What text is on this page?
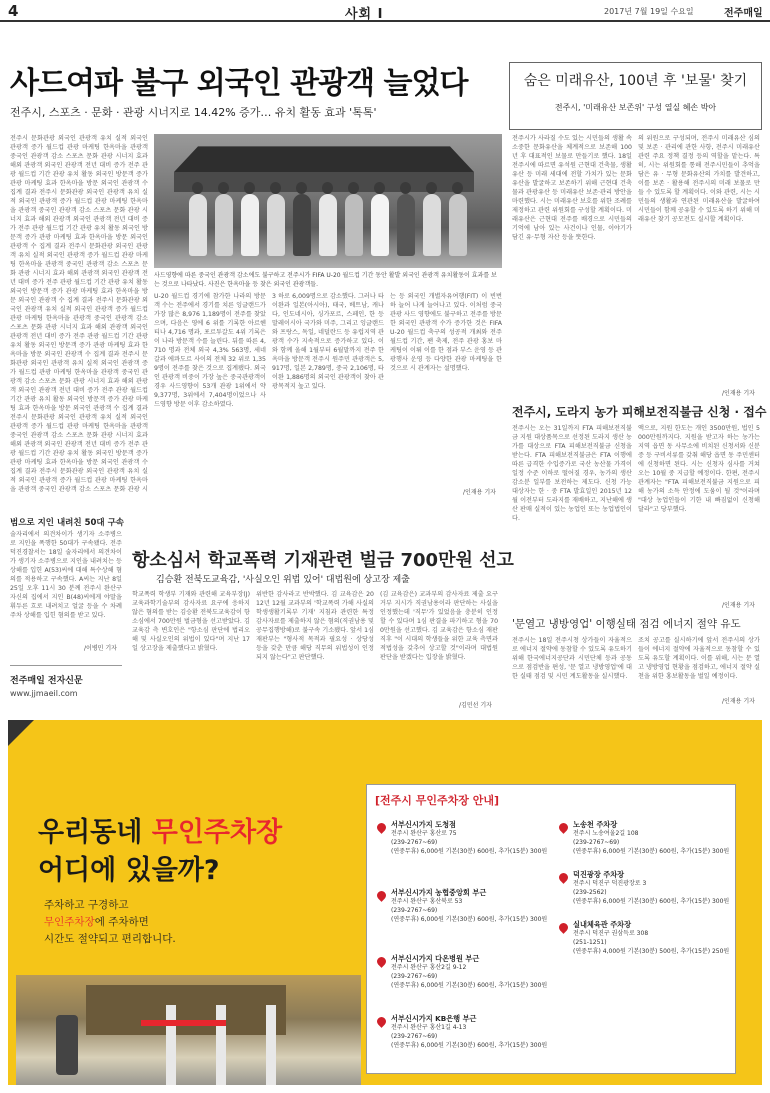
4	사회 I	2017년 7월 19일 수요일	전주매일
사드여파 불구 외국인 관광객 늘었다
전주시, 스포츠 · 문화 · 관광 시너지로 14.42% 증가… 유치 활동 효과 '톡톡'
전주시 문화관광 외국인 관광객 유치 실적 외국인 관광객 증가 월드컵 관광 마케팅 한옥마을 관광객 중국인 관광객 감소 스포츠 문화 관광 시너지 효과 해외 관광객 외국인 관광객 전년 대비 증가 전주 관광 월드컵 기간 관광 유치 활동 외국인 방문객 증가 관광 마케팅 효과 한옥마을 방문 외국인 관광객 수 집계 결과 전주시 문화관광 외국인 관광객 유치 실적 외국인 관광객 증가 월드컵 관광 마케팅 한옥마을 관광객 중국인 관광객 감소 스포츠 문화 관광 시너지 효과 해외 관광객 외국인 관광객 전년 대비 증가 전주 관광 월드컵 기간 관광 유치 활동 외국인 방문객 증가 관광 마케팅 효과 한옥마을 방문 외국인 관광객 수 집계 결과 전주시 문화관광 외국인 관광객 유치 실적 외국인 관광객 증가 월드컵 관광 마케팅 한옥마을 관광객 중국인 관광객 감소 스포츠 문화 관광 시너지 효과 해외 관광객 외국인 관광객 전년 대비 증가 전주 관광 월드컵 기간 관광 유치 활동 외국인 방문객 증가 관광 마케팅 효과 한옥마을 방문 외국인 관광객 수 집계 결과 전주시 문화관광 외국인 관광객 유치 실적 외국인 관광객 증가 월드컵 관광 마케팅 한옥마을 관광객 중국인 관광객 감소 스포츠 문화 관광 시너지 효과 해외 관광객 외국인 관광객 전년 대비 증가 전주 관광 월드컵 기간 관광 유치 활동 외국인 방문객 증가 관광 마케팅 효과 한옥마을 방문 외국인 관광객 수 집계 결과 전주시 문화관광 외국인 관광객 유치 실적 외국인 관광객 증가 월드컵 관광 마케팅 한옥마을 관광객 중국인 관광객 감소 스포츠 문화 관광 시너지 효과 해외 관광객 외국인 관광객 전년 대비 증가 전주 관광 월드컵 기간 관광 유치 활동 외국인 방문객 증가 관광 마케팅 효과 한옥마을 방문 외국인 관광객 수 집계 결과 전주시 문화관광 외국인 관광객 유치 실적 외국인 관광객 증가 월드컵 관광 마케팅 한옥마을 관광객 중국인 관광객 감소 스포츠 문화 관광 시너지 효과 해외 관광객 외국인 관광객 전년 대비 증가 전주 관광 월드컵 기간 관광 유치 활동 외국인 방문객 증가 관광 마케팅 효과 한옥마을 방문 외국인 관광객 수 집계 결과 전주시 문화관광 외국인 관광객 유치 실적 외국인 관광객 증가 월드컵 관광 마케팅 한옥마을 관광객 중국인 관광객 감소 스포츠 문화 관광 시
사드영향에 따른 중국인 관광객 감소에도 불구하고 전주시가 FIFA U-20 월드컵 기간 동안 활발 외국인 관광객 유치활동이 효과를 보는 것으로 나타났다. 사진은 한옥마을 등 찾은 외국인 관광객들.
U-20 월드컵 경기에 참가한 나라의 방문객 수는 전주에서 경기를 치른 잉글랜드가 가장 많은 8,976 1,189명이 전주를 찾았으며, 다음은 영에 6 위를 기록한 아르헨티나 4,716 명과, 포르투갈도 4위 기록은 이 나라 방문객 수를 늘린다. 뒤를 따른 4,710 명과 전체 외국 4,3% 563명, 세네갈과 에콰도르 사이의 전체 32 위로 1,359명이 전주를 찾은 것으로 집계됐다. 외국인 관광객 비중이 가장 높은 중국관광객이 경우 사드영향이 53개 관광 1위에서 약 9,377명, 3위에서 7,404명이었으나 사드영향 방문 이후 감소하였다.
3 하로 6,009명으로 감소했다. 그러나 타이완과 일본(아시아), 태국, 베트남, 캐나다, 인도네시아, 싱가포르, 스페인, 한 등 말레이시아 국가와 미주, 그리고 잉글랜드와 프랑스, 독일, 네덜란드 등 유럽지역 관광객 수가 지속적으로 증가하고 있다. 이와 함께 올해 1월부터 6월말까지 전주 한옥마을 방문객 전주시 원주민 관광객은 5,917명, 일본 2,789명, 중국 2,106명, 타이완 1,886명의 외국인 관광객이 찾아 관광목적지 높고 있다.
는 등 외국인 개별자유여행(FIT) 이 빈번하 늘어 나게 늘어나고 있다. 이처럼 중국관광 사드 영향에도 불구하고 전주를 방문한 외국인 관광객 수가 증가한 것은 FIFA U-20 월드컵 축구의 성공적 개최와 전주 월드컵 기간, 팬 축제, 전주 관광 홍보 마케팅이 이뤄 이를 한 점과 부스 운영 등 관광행사 운영 등 다양한 관광 마케팅을 한 것으로 시 관계자는 설명했다.
/인재용 기자
범으로 지인 내려친 50대 구속
술자리에서 의견차이가 생기자 소주병으로 지인을 폭행한 50대가 구속됐다. 전주 덕진경찰서는 18일 술자리에서 의견차이가 생기자 소주병으로 지인을 내려치는 등 상해를 입힌 A(53)씨에 대해 특수상해 혐의를 적용하고 구속했다. A씨는 지난 8일 25일 오후 11시 30 분께 전주시 완산구 자신의 집에서 지인 B(48)씨에게 야말을 휘두른 흐로 내려치고 얼굴 등을 수 차례 주차 상해를 입힌 혐의를 받고 있다.
/이병민 기자
전주매일 전자신문
www.jjmaeil.com
항소심서 학교폭력 기재관련 벌금 700만원 선고
김승환 전북도교육감, '사실오인 위법 있어' 대법원에 상고장 제출
학교폭력 학생부 기재와 관련해 교육부장(J) 교육과학기술부의 감사자료 요구에 응하지 않은 혐의를 받는 김승환 전북도교육감이 항소심에서 700만원 벌금형을 선고받았다. 김 교육감 측 변호인은 "항소심 판단에 법리오해 및 사실오인의 위법이 있다"며 지난 17일 상고장을 제출했다고 밝혔다.
위반한 감사라고 반박했다. 김 교육감은 2012년 12월 교과부의 '학교폭력 가해 사실의 학생생활기록부 기재' 지침과 관련한 특정 감사자료를 제출하지 않은 혐의(직권남용 및 공무집행방해)로 불구속 기소됐다. 앞서 1심 재판부는 "형사적 목적과 필요성 · 상당성 등을 갖춘 만큼 해당 직무의 위법성이 인정되지 않는다"고 판단했다.
(김 교육감은) 교과부의 감사자료 제출 요구 거부 지시가 직권남용이라 판단하는 사실을 인정했는데 '직무'가 있었음을 충분히 인정할 수 있다며 1심 판결을 파기하고 형을 700만원을 선고했다. 김 교육감은 항소심 재판 직후 "이 시대의 학생들을 위한 교육 측면과 적법성을 갖추어 상고할 것"이라며 대법원 판단을 받겠다는 입장을 밝혔다.
/김민선 기자
숨은 미래유산, 100년 후 '보물' 찾기
전주시, '미래유산 보존위' 구성 열실 혜손 박아
전주시가 사라질 수도 있는 시민들의 생활 속 소중한 문화유산을 체계적으로 보존해 100년 후 대표적인 보물로 만들기로 했다. 18일 전주시에 따르면 유석원 근현대 건축물, 생활유산 등 미래 세대에 전할 가치가 있는 문화유산을 발굴하고 보존하기 위해 근현대 건축물과 관광유산 등 미래유산 보존·관리 방안을 마련했다. 시는 미래유산 보호를 위한 조례를 제정하고 관련 위원회를 구성할 계획이다. 미래유산은 근현대 전주를 배경으로 시민들의 기억에 남아 있는 사건이나 인물, 이야기가 담긴 유·무형 자산 등을 뜻한다.
의 위원으로 구성되며, 전주시 미래유산 심의 및 보존 · 관리에 관한 사항, 전주시 미래유산 관련 주요 정책 결정 등의 역할을 맡는다. 특히, 시는 위원회를 통해 전주시민들이 추억을 담은 유 · 무형 문화유산의 가치를 발견하고, 이를 보존 · 활용해 전주시의 미래 보물로 만들 수 있도록 할 계획이다. 이와 관련, 시는 시민들의 생활과 연관된 미래유산을 발굴하여 시민들이 함께 공유할 수 있도록 하기 위해 미래유산 찾기 공모전도 실시할 계획이다.
/인재용 기자
전주시, 도라지 농가 피해보전직불금 신청 · 접수
전주시는 오는 31일까지 FTA 피해보전직불금 지원 대상품목으로 선정된 도라지 생산 농가를 대상으로 FTA 피해보전직불금 신청을 받는다. FTA 피해보전직불금은 FTA 이행에 따른 급격한 수입증가로 국산 농산물 가격이 일정 수준 이하로 떨어질 경우, 농가의 생산 감소분 일부를 보전하는 제도다. 신청 가능 대상자는 한 · 중 FTA 발효일인 2015년 12월 이전부터 도라지를 재배하고, 지난해에 생산 판매 실적이 있는 농업인 또는 농업법인이다.
액으로, 지원 한도는 개인 3500만원, 법인 5000만원까지다. 지원을 받고자 하는 농가는 지역 읍면 동 사무소에 비치된 신청서와 신분증 등 구비서류를 갖춰 해당 읍면 동 주민센터에 신청하면 된다. 시는 신청자 심사를 거쳐 오는 10월 중 지급할 예정이다. 한편, 전주시 관계자는 "FTA 피해보전직불금 지원으로 피해 농가의 소득 안정에 도움이 될 것"이라며 "대상 농업인들이 기한 내 빠짐없이 신청해 달라"고 당부했다.
/인재용 기자
'문열고 냉방영업' 이행실태 점검 에너지 절약 유도
전주시는 18일 전주시청 상가들이 자율적으로 에너지 절약에 동참할 수 있도록 유도하기 위해 한국에너지공단과 시민단체 등과 공동으로 점검반을 편성, '문 열고 냉방영업'에 대한 실태 점검 및 시민 계도활동을 실시했다.
조치 공고를 실시하기에 앞서 전주시의 상가들이 에너지 절약에 자율적으로 동참할 수 있도록 유도할 계획이다. 이를 위해, 시는 문 열고 냉방영업 현황을 점검하고, 에너지 절약 실천을 위한 홍보활동을 벌일 예정이다.
/인재용 기자
우리동네 무인주차장
어디에 있을까?
주차하고 구경하고
무인주차장에 주차하면
시간도 절약되고 편리합니다.
[전주시 무인주차장 안내]
서부신시가지 도청점
전주시 완산구 홍산로 75
(239-2767~69)
(연중무휴) 6,000원 기본(30분) 600원, 추가(15분) 300원
서부신시가지 농협중앙회 부근
전주시 완산구 홍산북로 53
(239-2767~69)
(연중무휴) 6,000원 기본(30분) 600원, 추가(15분) 300원
서부신시가지 다온병원 부근
전주시 완산구 홍산2길 9-12
(239-2767~69)
(연중무휴) 6,000원 기본(30분) 600원, 추가(15분) 300원
서부신시가지 KB은행 부근
전주시 완산구 홍산1길 4-13
(239-2767~69)
(연중무휴) 6,000원 기본(30분) 600원, 추가(15분) 300원
노송천 주차장
전주시 노송여울2길 108
(239-2767~69)
(연중무휴) 6,000원 기본(30분) 600원, 추가(15분) 300원
덕진광장 주차장
전주시 덕진구 덕진광장로 3
(239-2562)
(연중무휴) 6,000원 기본(30분) 600원, 추가(15분) 300원
실내체육관 주차장
전주시 덕진구 권삼득로 308
(251-1251)
(연중무휴) 4,000원 기본(30분) 500원, 추가(15분) 250원
